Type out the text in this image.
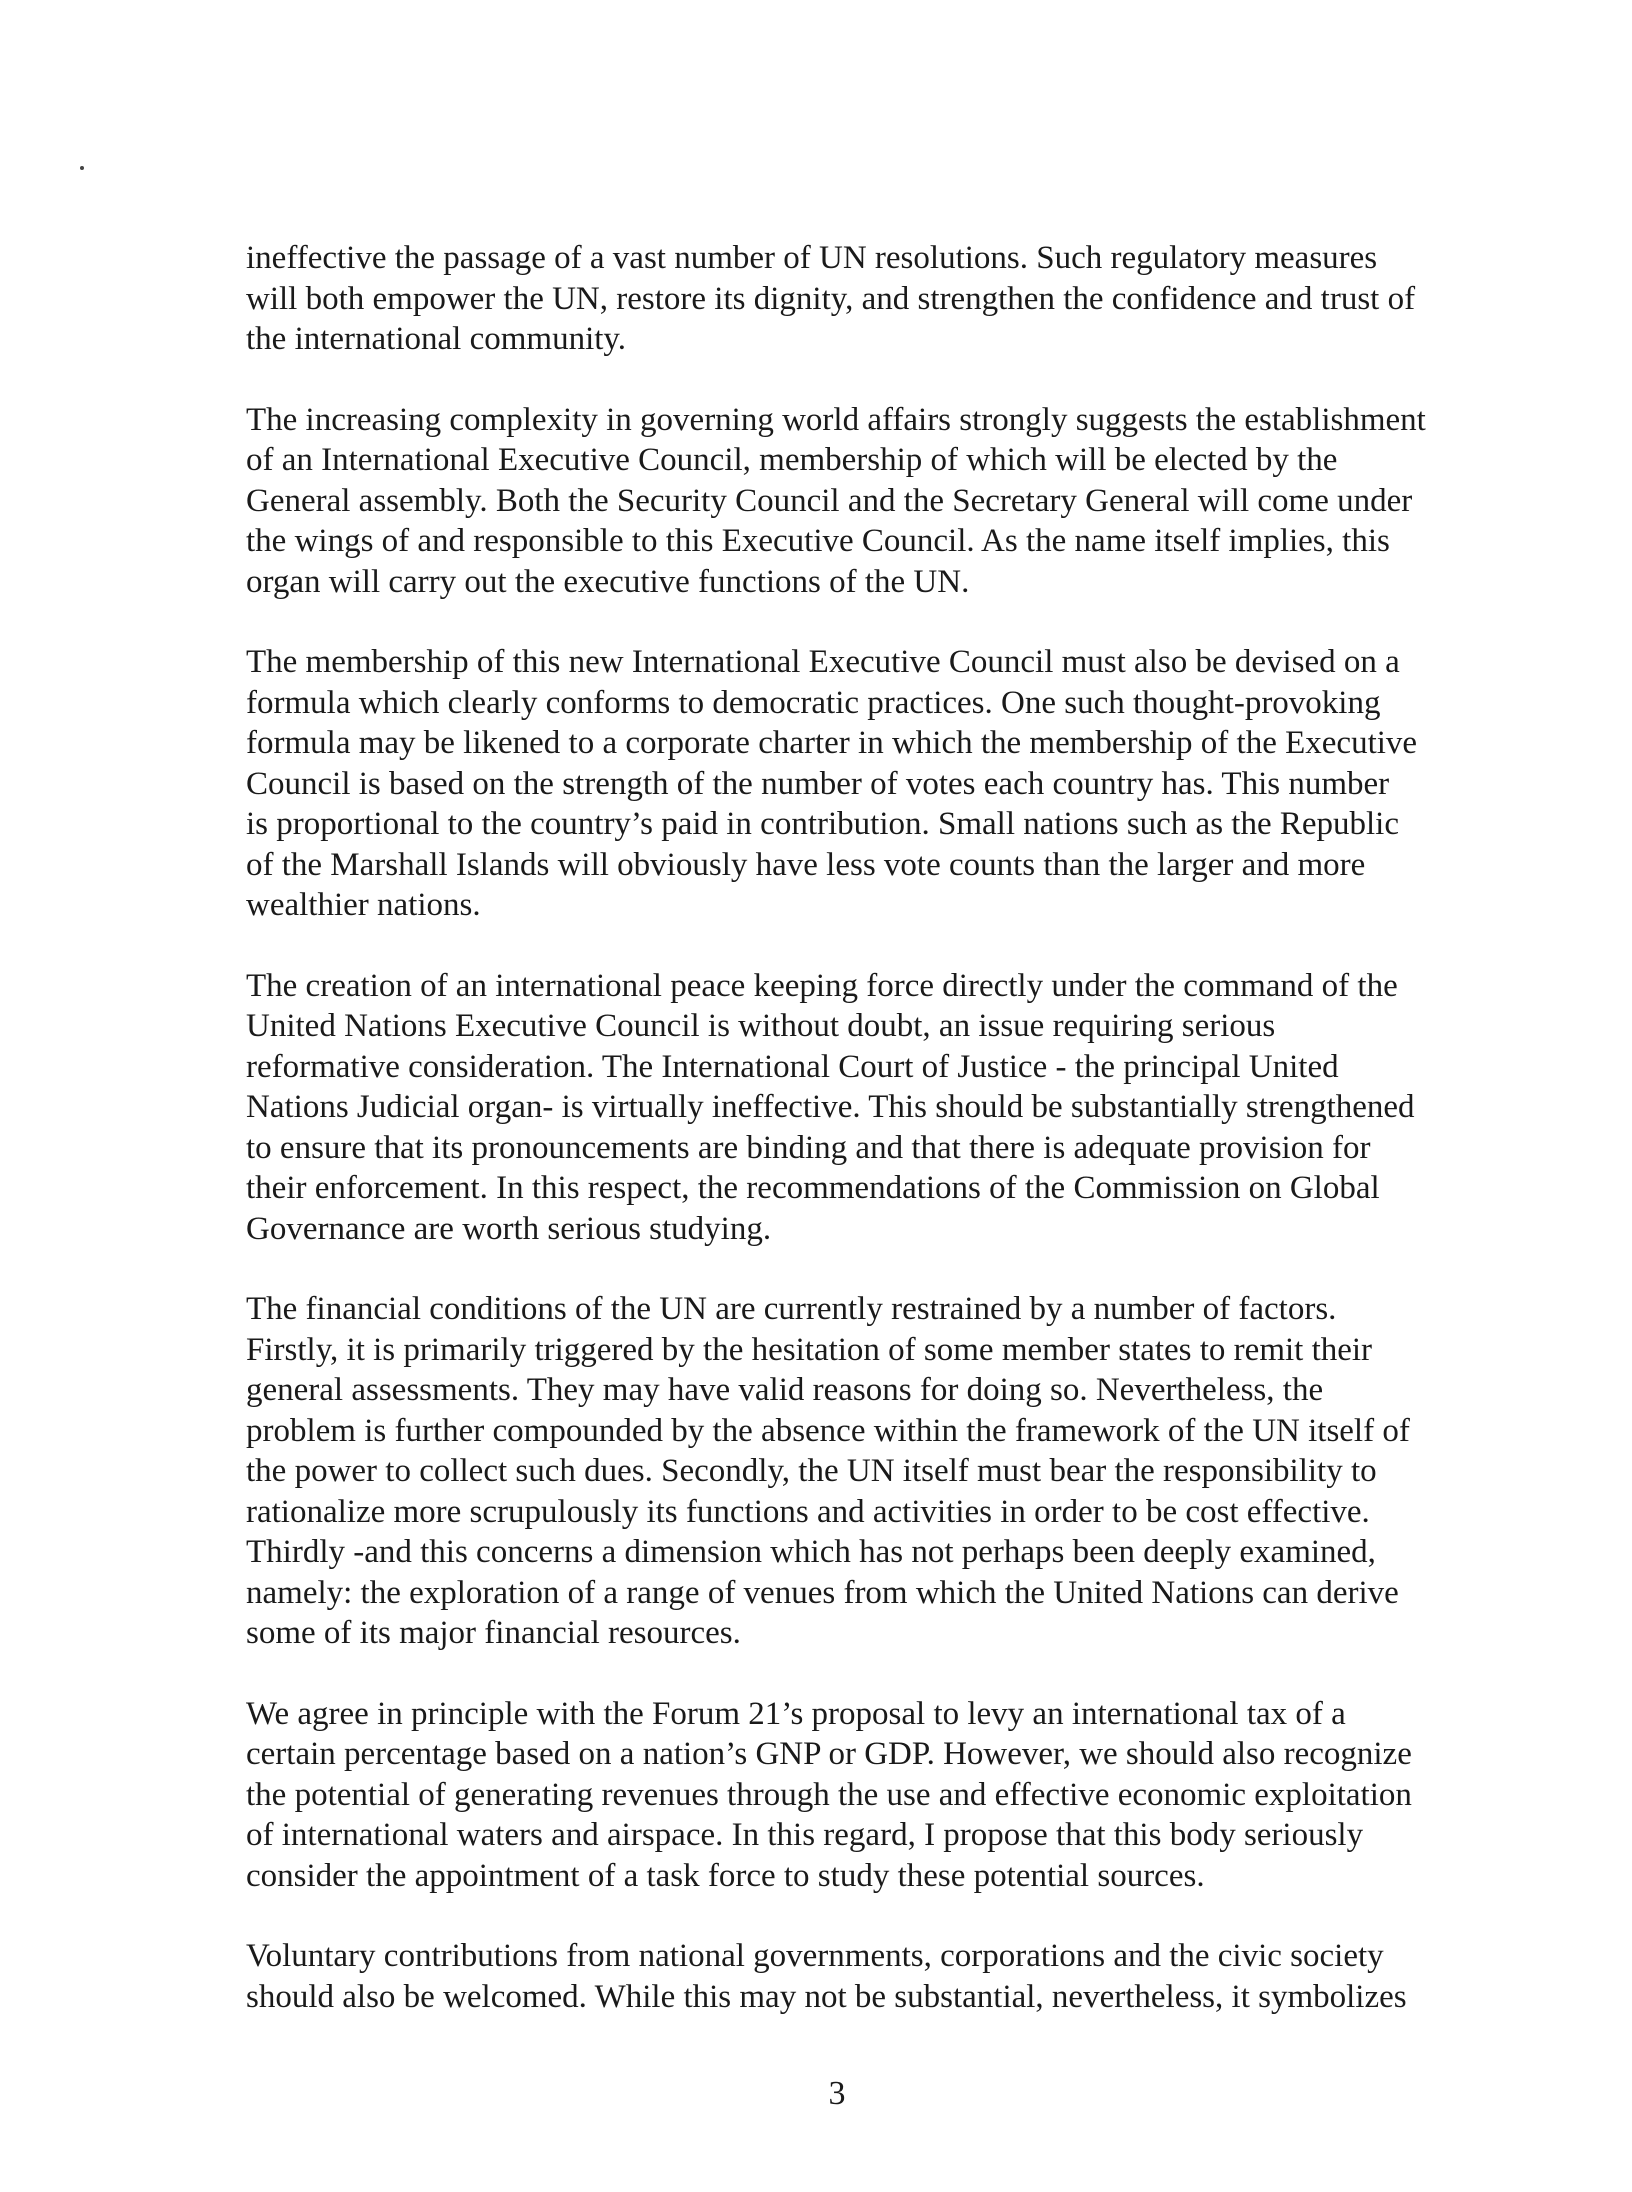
ineffective the passage of a vast number of UN resolutions. Such regulatory measures
will both empower the UN, restore its dignity, and strengthen the confidence and trust of
the international community.

The increasing complexity in governing world affairs strongly suggests the establishment
of an International Executive Council, membership of which will be elected by the
General assembly. Both the Security Council and the Secretary General will come under
the wings of and responsible to this Executive Council. As the name itself implies, this
organ will carry out the executive functions of the UN.

The membership of this new International Executive Council must also be devised on a
formula which clearly conforms to democratic practices. One such thought-provoking
formula may be likened to a corporate charter in which the membership of the Executive
Council is based on the strength of the number of votes each country has. This number
is proportional to the country’s paid in contribution. Small nations such as the Republic
of the Marshall Islands will obviously have less vote counts than the larger and more
wealthier nations.

The creation of an international peace keeping force directly under the command of the
United Nations Executive Council is without doubt, an issue requiring serious
reformative consideration. The International Court of Justice - the principal United
Nations Judicial organ- is virtually ineffective. This should be substantially strengthened
to ensure that its pronouncements are binding and that there is adequate provision for
their enforcement. In this respect, the recommendations of the Commission on Global
Governance are worth serious studying.

The financial conditions of the UN are currently restrained by a number of factors.
Firstly, it is primarily triggered by the hesitation of some member states to remit their
general assessments. They may have valid reasons for doing so. Nevertheless, the
problem is further compounded by the absence within the framework of the UN itself of
the power to collect such dues. Secondly, the UN itself must bear the responsibility to
rationalize more scrupulously its functions and activities in order to be cost effective.
Thirdly -and this concerns a dimension which has not perhaps been deeply examined,
namely: the exploration of a range of venues from which the United Nations can derive
some of its major financial resources.

We agree in principle with the Forum 21’s proposal to levy an international tax of a
certain percentage based on a nation’s GNP or GDP. However, we should also recognize
the potential of generating revenues through the use and effective economic exploitation
of international waters and airspace. In this regard, I propose that this body seriously
consider the appointment of a task force to study these potential sources.

Voluntary contributions from national governments, corporations and the civic society
should also be welcomed. While this may not be substantial, nevertheless, it symbolizes

3
